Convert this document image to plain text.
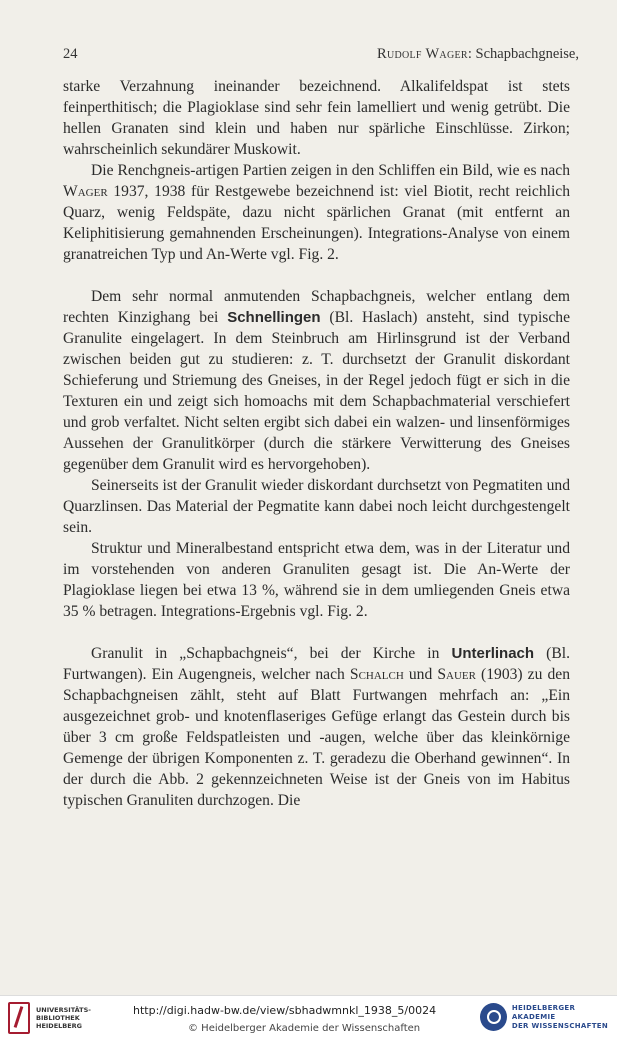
24	Rudolf Wager: Schapbachgneise,

starke Verzahnung ineinander bezeichnend. Alkalifeldspat ist stets feinperthitisch; die Plagioklase sind sehr fein lamelliert und wenig getrübt. Die hellen Granaten sind klein und haben nur spärliche Einschlüsse. Zirkon; wahrscheinlich sekundärer Muskowit.

Die Renchgneis-artigen Partien zeigen in den Schliffen ein Bild, wie es nach Wager 1937, 1938 für Restgewebe bezeichnend ist: viel Biotit, recht reichlich Quarz, wenig Feldspäte, dazu nicht spärlichen Granat (mit entfernt an Keliphitisierung gemahnenden Erscheinungen). Integrations-Analyse von einem granatreichen Typ und An-Werte vgl. Fig. 2.

Dem sehr normal anmutenden Schapbachgneis, welcher entlang dem rechten Kinzighang bei Schnellingen (Bl. Haslach) ansteht, sind typische Granulite eingelagert. In dem Steinbruch am Hirlinsgrund ist der Verband zwischen beiden gut zu studieren: z. T. durchsetzt der Granulit diskordant Schieferung und Striemung des Gneises, in der Regel jedoch fügt er sich in die Texturen ein und zeigt sich homoachs mit dem Schapbachmaterial verschiefert und grob verfaltet. Nicht selten ergibt sich dabei ein walzen- und linsenförmiges Aussehen der Granulitkörper (durch die stärkere Verwitterung des Gneises gegenüber dem Granulit wird es hervorgehoben).

Seinerseits ist der Granulit wieder diskordant durchsetzt von Pegmatiten und Quarzlinsen. Das Material der Pegmatite kann dabei noch leicht durchgestengelt sein.

Struktur und Mineralbestand entspricht etwa dem, was in der Literatur und im vorstehenden von anderen Granuliten gesagt ist. Die An-Werte der Plagioklase liegen bei etwa 13 %, während sie in dem umliegenden Gneis etwa 35 % betragen. Integrations-Ergebnis vgl. Fig. 2.

Granulit in „Schapbachgneis“, bei der Kirche in Unterlinach (Bl. Furtwangen). Ein Augengneis, welcher nach Schalch und Sauer (1903) zu den Schapbachgneisen zählt, steht auf Blatt Furtwangen mehrfach an: „Ein ausgezeichnet grob- und knotenflaseriges Gefüge erlangt das Gestein durch bis über 3 cm große Feldspatleisten und -augen, welche über das kleinkörnige Gemenge der übrigen Komponenten z. T. geradezu die Oberhand gewinnen“. In der durch die Abb. 2 gekennzeichneten Weise ist der Gneis von im Habitus typischen Granuliten durchzogen. Die

UNIVERSITÄTS-
BIBLIOTHEK
HEIDELBERG
http://digi.hadw-bw.de/view/sbhadwmnkl_1938_5/0024
© Heidelberger Akademie der Wissenschaften
HEIDELBERGER AKADEMIE
DER WISSENSCHAFTEN
